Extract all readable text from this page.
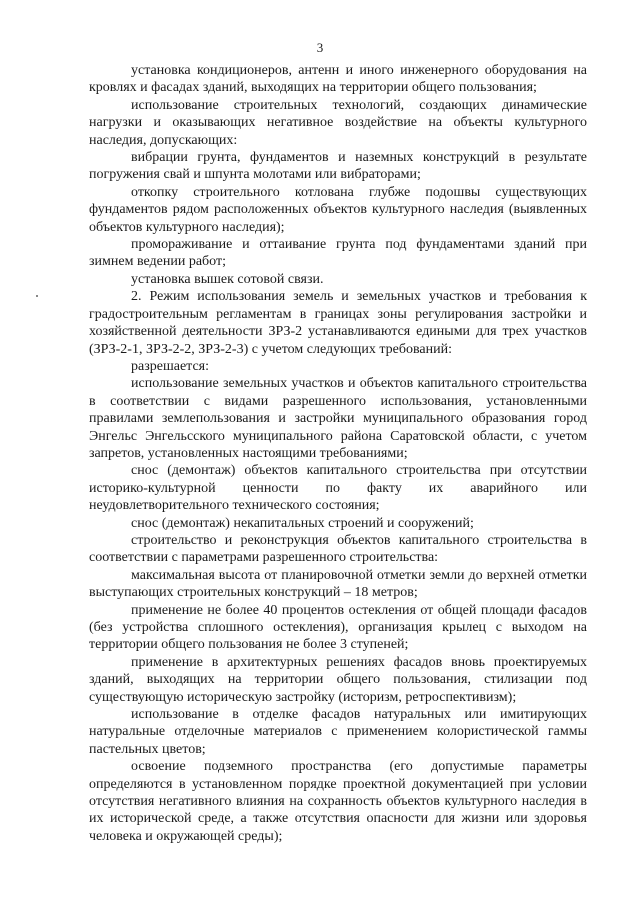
3

установка кондиционеров, антенн и иного инженерного оборудования на кровлях и фасадах зданий, выходящих на территории общего пользования;

использование строительных технологий, создающих динамические нагрузки и оказывающих негативное воздействие на объекты культурного наследия, допускающих:

вибрации грунта, фундаментов и наземных конструкций в результате погружения свай и шпунта молотами или вибраторами;

откопку строительного котлована глубже подошвы существующих фундаментов рядом расположенных объектов культурного наследия (выявленных объектов культурного наследия);

промораживание и оттаивание грунта под фундаментами зданий при зимнем ведении работ;

установка вышек сотовой связи.

2. Режим использования земель и земельных участков и требования к градостроительным регламентам в границах зоны регулирования застройки и хозяйственной деятельности ЗРЗ-2 устанавливаются едиными для трех участков (ЗРЗ-2-1, ЗРЗ-2-2, ЗРЗ-2-3) с учетом следующих требований:

разрешается:

использование земельных участков и объектов капитального строительства в соответствии с видами разрешенного использования, установленными правилами землепользования и застройки муниципального образования город Энгельс Энгельсского муниципального района Саратовской области, с учетом запретов, установленных настоящими требованиями;

снос (демонтаж) объектов капитального строительства при отсутствии историко-культурной ценности по факту их аварийного или неудовлетворительного технического состояния;

снос (демонтаж) некапитальных строений и сооружений;

строительство и реконструкция объектов капитального строительства в соответствии с параметрами разрешенного строительства:

максимальная высота от планировочной отметки земли до верхней отметки выступающих строительных конструкций – 18 метров;

применение не более 40 процентов остекления от общей площади фасадов (без устройства сплошного остекления), организация крылец с выходом на территории общего пользования не более 3 ступеней;

применение в архитектурных решениях фасадов вновь проектируемых зданий, выходящих на территории общего пользования, стилизации под существующую историческую застройку (историзм, ретроспективизм);

использование в отделке фасадов натуральных или имитирующих натуральные отделочные материалов с применением колористической гаммы пастельных цветов;

освоение подземного пространства (его допустимые параметры определяются в установленном порядке проектной документацией при условии отсутствия негативного влияния на сохранность объектов культурного наследия в их исторической среде, а также отсутствия опасности для жизни или здоровья человека и окружающей среды);
